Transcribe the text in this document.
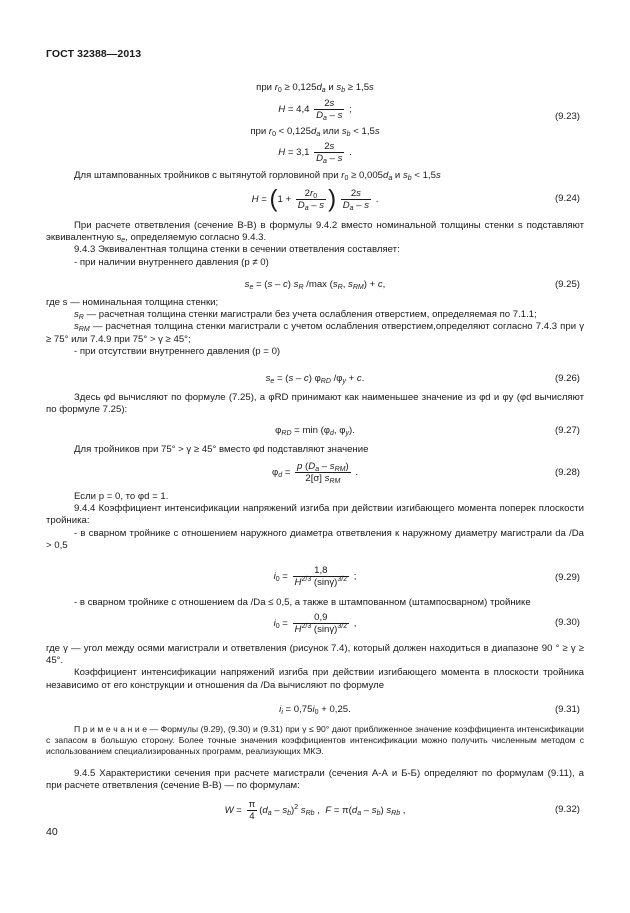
ГОСТ 32388—2013
при $r_0 \ge 0,125d_a$ и $s_b \ge 1,5s$
$H = 4,4 \frac{2s}{D_a - s}$ ;
(9.23)
при $r_0 < 0,125d_a$ или $s_b < 1,5s$
$H = 3,1 \frac{2s}{D_a - s}$ .

Для штампованных тройников с вытянутой горловиной при $r_0 \ge 0,005d_a$ и $s_b < 1,5s$

$H = (1 + \frac{2r_0}{D_a - s}$ ) $\frac{2s}{D_a - s}$ .	(9.24)

При расчете ответвления (сечение В-В) в формулы 9.4.2 вместо номинальной толщины стенки s подставляют эквивалентную $s_e$, определяемую согласно 9.4.3.

9.4.3 Эквивалентная толщина стенки в сечении ответвления составляет:

- при наличии внутреннего давления (p ≠ 0)

$s_e = (s - c)$ $s_R$ /max ($s_R$, $s_{RM}) + c$,	(9.25)

где s — номинальная толщина стенки;

$s_R$ — расчетная толщина стенки магистрали без учета ослабления отверстием, определяемая по 7.1.1;

$s_{RM}$ — расчетная толщина стенки магистрали с учетом ослабления отверстием,определяют согласно 7.4.3 при γ ≥ 75° или 7.4.9 при 75° > γ ≥ 45°;

- при отсутствии внутреннего давления (p = 0)

$s_e = (s - c)$ $\varphi_{RD}$ $/\varphi_y + c$.	(9.26)

Здесь φd вычисляют по формуле (7.25), а φRD принимают как наименьшее значение из φd и φy (φd вычисляют по формуле 7.25):

$\varphi_{RD} = \min (\varphi_d$, $\varphi_y$).	(9.27)

Для тройников при 75° > γ ≥ 45° вместо φd подставляют значение

$\varphi_d = \frac{p (D_a - s_{RM})}{2[\sigma] s_{RM}}$ .	(9.28)

Если p = 0, то φd = 1.

9.4.4 Коэффициент интенсификации напряжений изгиба при действии изгибающего момента поперек плоскости тройника:

- в сварном тройнике с отношением наружного диаметра ответвления к наружному диаметру магистрали da /Da > 0,5

$i_0 = \frac{1,8}{H^{2/3} (\sin\gamma)^{3/2}}$ ;	(9.29)

- в сварном тройнике с отношением da /Da ≤ 0,5, а также в штампованном (штампосварном) тройнике

$i_0 = \frac{0,9}{H^{2/3} (\sin\gamma)^{3/2}}$ ,	(9.30)

где γ — угол между осями магистрали и ответвления (рисунок 7.4), который должен находиться в диапазоне 90 ° ≥ γ ≥ 45°.

Коэффициент интенсификации напряжений изгиба при действии изгибающего момента в плоскости тройника независимо от его конструкции и отношения da /Da вычисляют по формуле

$i_i = 0,75i_0 + 0,25$.	(9.31)

П р и м е ч а н и е — Формулы (9.29), (9.30) и (9.31) при γ ≤ 90° дают приближенное значение коэффициента интенсификации с запасом в большую сторону. Более точные значения коэффициентов интенсификации можно получить численным методом с использованием специализированных программ, реализующих МКЭ.

9.4.5 Характеристики сечения при расчете магистрали (сечения А-А и Б-Б) определяют по формулам (9.11), а при расчете ответвления (сечение В-В) — по формулам:

$W = \frac{\pi}{4} (d_a - s_b)^2$ $s_{Rb}$ ,  $F = \pi(d_a - s_b)$ $s_{Rb}$ ,	(9.32)
40
